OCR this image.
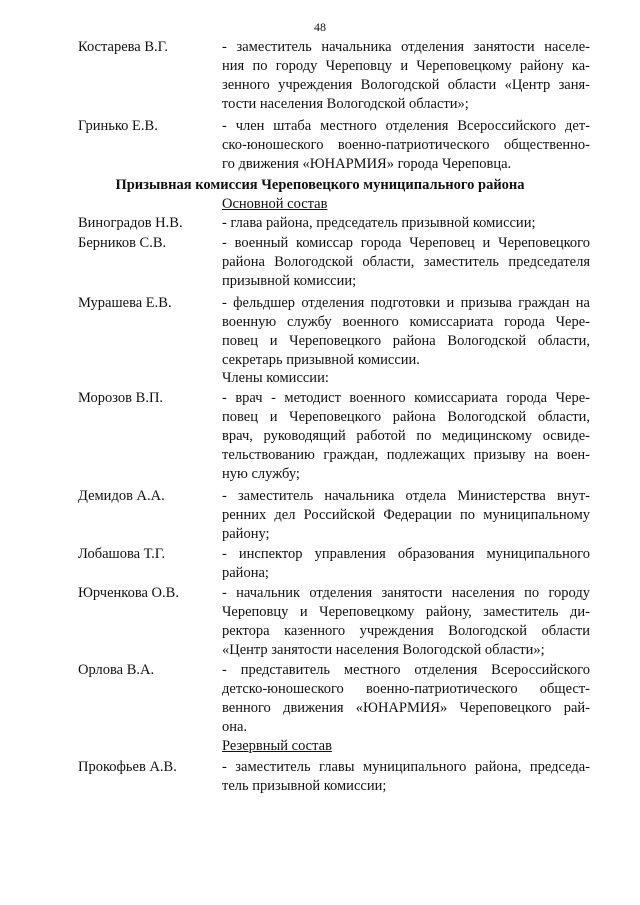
48
Костарева В.Г.	- заместитель начальника отделения занятости населе-
ния по городу Череповцу и Череповецкому району ка-
зенного учреждения Вологодской области «Центр заня-
тости населения Вологодской области»;
Гринько Е.В.	- член штаба местного отделения Всероссийского дет-
ско-юношеского военно-патриотического общественно-
го движения «ЮНАРМИЯ» города Череповца.
Виноградов Н.В.	- глава района, председатель призывной комиссии;
Берников С.В.	- военный комиссар города Череповец и Череповецкого
района Вологодской области, заместитель председателя
призывной комиссии;
Мурашева Е.В.	- фельдшер отделения подготовки и призыва граждан на
военную службу военного комиссариата города Чере-
повец и Череповецкого района Вологодской области,
секретарь призывной комиссии.
Морозов В.П.	- врач - методист военного комиссариата города Чере-
повец и Череповецкого района Вологодской области,
врач, руководящий работой по медицинскому освиде-
тельствованию граждан, подлежащих призыву на воен-
ную службу;
Демидов А.А.	- заместитель начальника отдела Министерства внут-
ренних дел Российской Федерации по муниципальному
району;
Лобашова Т.Г.	- инспектор управления образования муниципального
района;
Юрченкова О.В.	- начальник отделения занятости населения по городу
Череповцу и Череповецкому району, заместитель ди-
ректора казенного учреждения Вологодской области
«Центр занятости населения Вологодской области»;
Орлова В.А.	- представитель местного отделения Всероссийского
детско-юношеского военно-патриотического общест-
венного движения «ЮНАРМИЯ» Череповецкого рай-
она.
Прокофьев А.В.	- заместитель главы муниципального района, председа-
тель призывной комиссии;
Призывная комиссия Череповецкого муниципального района
Основной состав
Члены комиссии:
Резервный состав
